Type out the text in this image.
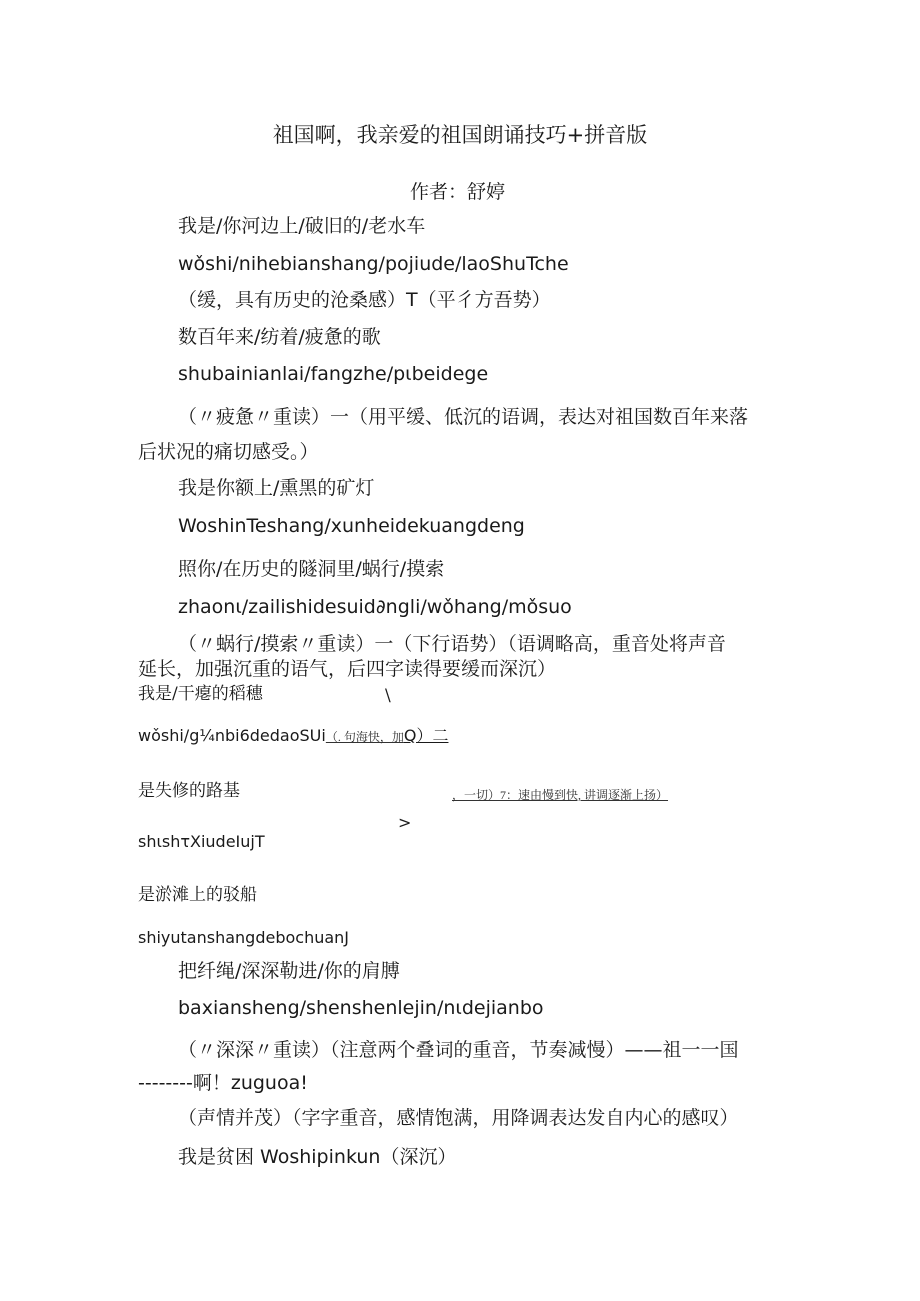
祖国啊，我亲爱的祖国朗诵技巧+拼音版

作者：舒婷

我是/你河边上/破旧的/老水车

wǒshi/nihebianshang/pojiude/laoShuTche

（缓，具有历史的沧桑感）T（平彳方吾势）

数百年来/纺着/疲惫的歌

shubainianlai/fangzhe/pιbeidege

（〃疲惫〃重读）一（用平缓、低沉的语调，表达对祖国数百年来落

后状况的痛切感受。）

我是你额上/熏黑的矿灯

WoshinTeshang/xunheidekuangdeng

照你/在历史的隧洞里/蜗行/摸索

zhaonι/zailishidesuid∂ngli/wǒhang/mǒsuo

（〃蜗行/摸索〃重读）一（下行语势）（语调略高，重音处将声音

延长，加强沉重的语气，后四字读得要缓而深沉）

我是/干瘪的稻穗	\

wǒshi/g¼nbi6dedaoSUi（. 句海快，加Q）二

是失修的路基	，一切）7：速由慢到快, 讲调逐渐上扬）

>

shιshτXiudeIujT

是淤滩上的驳船

shiyutanshangdebochuanJ

把纤绳/深深勒进/你的肩膊

baxiansheng/shenshenlejin/nιdejianbo

（〃深深〃重读）（注意两个叠词的重音，节奏减慢）——祖一一国

--------啊！zuguoa!

（声情并茂）（字字重音，感情饱满，用降调表达发自内心的感叹）

我是贫困 Woshipinkun（深沉）
